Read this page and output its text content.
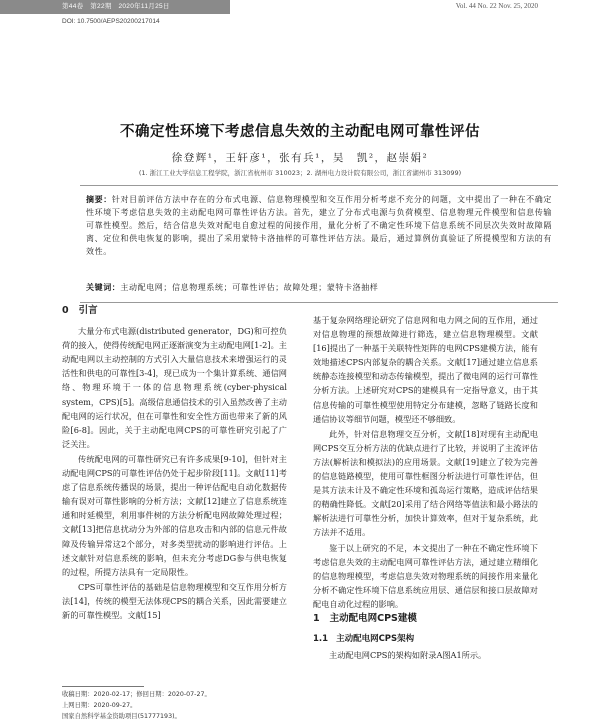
第44卷　第22期　2020年11月25日	Vol. 44 No. 22 Nov. 25, 2020
DOI: 10.7500/AEPS20200217014
不确定性环境下考虑信息失效的主动配电网可靠性评估
徐登辉¹，王轩彦¹，张有兵¹，吴　凯²，赵崇娟²
(1. 浙江工业大学信息工程学院，浙江省杭州市 310023；2. 湖州电力设计院有限公司，浙江省湖州市 313099)
摘要：针对目前评估方法中存在的分布式电源、信息物理模型和交互作用分析考虑不充分的问题，文中提出了一种在不确定性环境下考虑信息失效的主动配电网可靠性评估方法。首先，建立了分布式电源与负荷模型、信息物理元件模型和信息传输可靠性模型。然后，结合信息失效对配电自愈过程的间接作用，量化分析了不确定性环境下信息系统不同层次失效时故障隔离、定位和供电恢复的影响，提出了采用蒙特卡洛抽样的可靠性评估方法。最后，通过算例仿真验证了所提模型和方法的有效性。
关键词：主动配电网；信息物理系统；可靠性评估；故障处理；蒙特卡洛抽样
0 引言

大量分布式电源(distributed generator，DG)和可控负荷的接入，使得传统配电网正逐渐演变为主动配电网[1-2]。主动配电网以主动控制的方式引入大量信息技术来增强运行的灵活性和供电的可靠性[3-4]，现已成为一个集计算系统、通信网络、物理环境于一体的信息物理系统(cyber-physical system，CPS)[5]。高级信息通信技术的引入虽然改善了主动配电网的运行状况，但在可靠性和安全性方面也带来了新的风险[6-8]。因此，关于主动配电网CPS的可靠性研究引起了广泛关注。

传统配电网的可靠性研究已有许多成果[9-10]，但针对主动配电网CPS的可靠性评估仍处于起步阶段[11]。文献[11]考虑了信息系统传播误的场景，提出一种评估配电自动化数据传输有误对可靠性影响的分析方法；文献[12]建立了信息系统连通和时延模型，利用事件树的方法分析配电网故障处理过程；文献[13]把信息扰动分为外部的信息攻击和内部的信息元件故障及传输异常这2个部分，对多类型扰动的影响进行评估。上述文献针对信息系统的影响，但未充分考虑DG参与供电恢复的过程，所提方法具有一定局限性。

CPS可靠性评估的基础是信息物理模型和交互作用分析方法[14]，传统的模型无法体现CPS的耦合关系，因此需要建立新的可靠性模型。文献[15]

基于复杂网络理论研究了信息网和电力网之间的互作用，通过对信息物理的预想故障进行筛选，建立信息物理模型。文献[16]提出了一种基于关联特性矩阵的电网CPS建模方法，能有效地描述CPS内部复杂的耦合关系。文献[17]通过建立信息系统静态连接模型和动态传输模型，提出了微电网的运行可靠性分析方法。上述研究对CPS的建模具有一定指导意义，由于其信息传输的可靠性模型使用特定分布建模，忽略了链路长度和通信协议等细节问题，模型还不够细致。

此外，针对信息物理交互分析，文献[18]对现有主动配电网CPS交互分析方法的优缺点进行了比较，并说明了主流评估方法(解析法和模拟法)的应用场景。文献[19]建立了较为完善的信息链路模型，使用可靠性框图分析法进行可靠性评估，但是其方法未计及不确定性环境和孤岛运行策略，造成评估结果的精确性降低。文献[20]采用了结合网络等值法和最小路法的解析法进行可靠性分析，加快计算效率，但对于复杂系统，此方法并不适用。

鉴于以上研究的不足，本文提出了一种在不确定性环境下考虑信息失效的主动配电网可靠性评估方法，通过建立精细化的信息物理模型，考虑信息失效对物理系统的间接作用来量化分析不确定性环境下信息系统应用层、通信层和接口层故障对配电自动化过程的影响。

1 主动配电网CPS建模
1.1 主动配电网CPS架构

主动配电网CPS的架构如附录A图A1所示。

收稿日期：2020-02-17；修回日期：2020-07-27。
上网日期：2020-09-27。
国家自然科学基金资助项目(51777193)。
